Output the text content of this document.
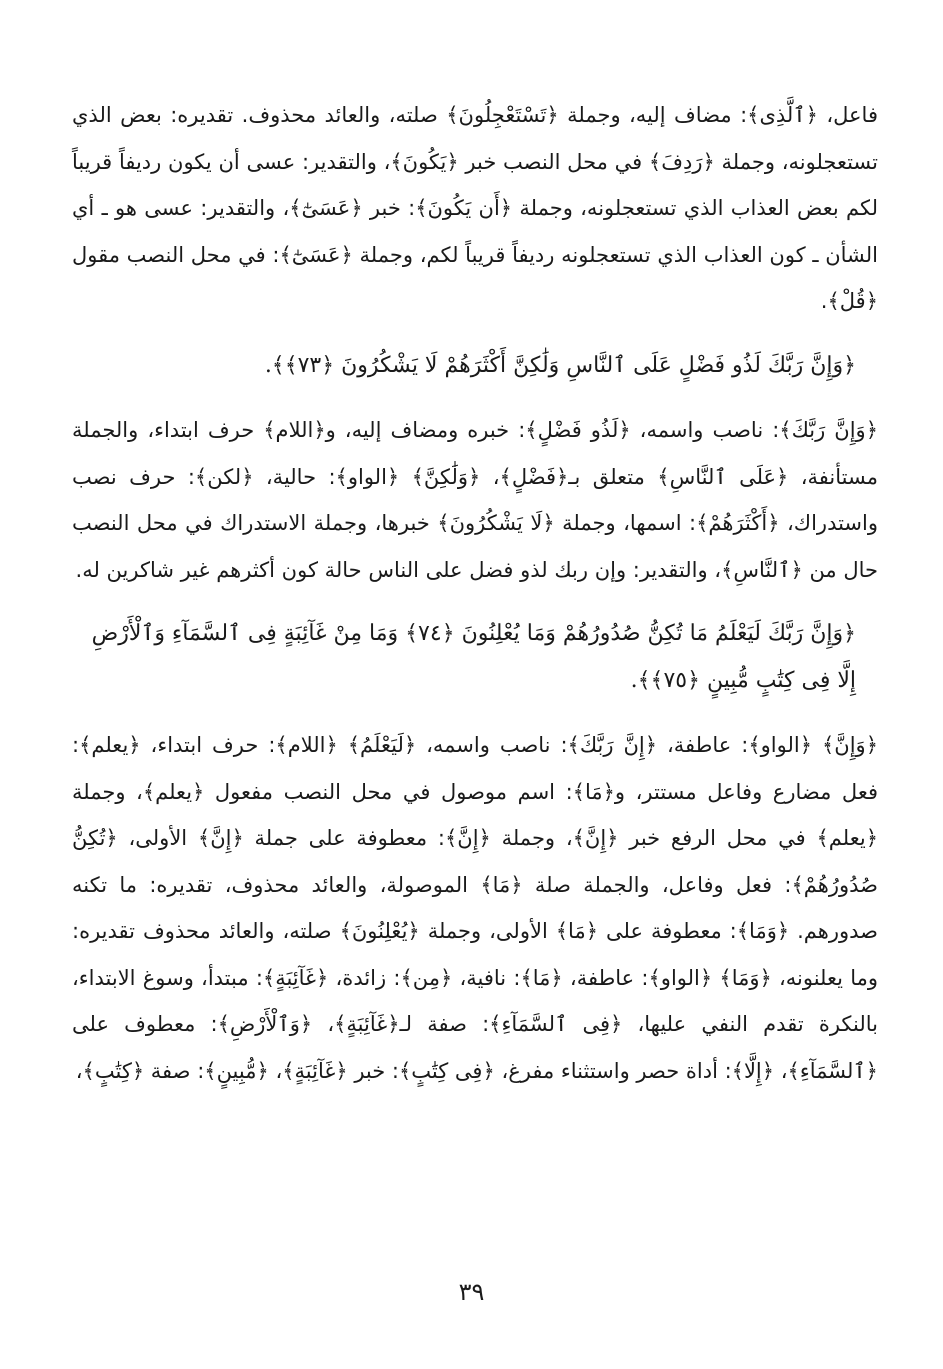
فاعل، ﴿ٱلَّذِى﴾: مضاف إليه، وجملة ﴿تَسْتَعْجِلُونَ﴾ صلته، والعائد محذوف. تقديره: بعض الذي تستعجلونه، وجملة ﴿رَدِفَ﴾ في محل النصب خبر ﴿يَكُونَ﴾، والتقدير: عسى أن يكون رديفاً قريباً لكم بعض العذاب الذي تستعجلونه، وجملة ﴿أَن يَكُونَ﴾: خبر ﴿عَسَىٰٓ﴾، والتقدير: عسى هو ـ أي الشأن ـ كون العذاب الذي تستعجلونه رديفاً قريباً لكم، وجملة ﴿عَسَىٰٓ﴾: في محل النصب مقول ﴿قُلْ﴾.

﴿وَإِنَّ رَبَّكَ لَذُو فَضْلٍ عَلَى ٱلنَّاسِ وَلَٰكِنَّ أَكْثَرَهُمْ لَا يَشْكُرُونَ ﴿٧٣﴾﴾.

﴿وَإِنَّ رَبَّكَ﴾: ناصب واسمه، ﴿لَذُو فَضْلٍ﴾: خبره ومضاف إليه، و﴿اللام﴾ حرف ابتداء، والجملة مستأنفة، ﴿عَلَى ٱلنَّاسِ﴾ متعلق بـ﴿فَضْلٍ﴾، ﴿وَلَٰكِنَّ﴾ ﴿الواو﴾: حالية، ﴿لكن﴾: حرف نصب واستدراك، ﴿أَكْثَرَهُمْ﴾: اسمها، وجملة ﴿لَا يَشْكُرُونَ﴾ خبرها، وجملة الاستدراك في محل النصب حال من ﴿ٱلنَّاسِ﴾، والتقدير: وإن ربك لذو فضل على الناس حالة كون أكثرهم غير شاكرين له.

﴿وَإِنَّ رَبَّكَ لَيَعْلَمُ مَا تُكِنُّ صُدُورُهُمْ وَمَا يُعْلِنُونَ ﴿٧٤﴾ وَمَا مِنْ غَآئِبَةٍ فِى ٱلسَّمَآءِ وَٱلْأَرْضِ إِلَّا فِى كِتَٰبٍ مُّبِينٍ ﴿٧٥﴾﴾.

﴿وَإِنَّ﴾ ﴿الواو﴾: عاطفة، ﴿إِنَّ رَبَّكَ﴾: ناصب واسمه، ﴿لَيَعْلَمُ﴾ ﴿اللام﴾: حرف ابتداء، ﴿يعلم﴾: فعل مضارع وفاعل مستتر، و﴿مَا﴾: اسم موصول في محل النصب مفعول ﴿يعلم﴾، وجملة ﴿يعلم﴾ في محل الرفع خبر ﴿إِنَّ﴾، وجملة ﴿إِنَّ﴾: معطوفة على جملة ﴿إِنَّ﴾ الأولى، ﴿تُكِنُّ صُدُورُهُمْ﴾: فعل وفاعل، والجملة صلة ﴿مَا﴾ الموصولة، والعائد محذوف، تقديره: ما تكنه صدورهم. ﴿وَمَا﴾: معطوفة على ﴿مَا﴾ الأولى، وجملة ﴿يُعْلِنُونَ﴾ صلته، والعائد محذوف تقديره: وما يعلنونه، ﴿وَمَا﴾ ﴿الواو﴾: عاطفة، ﴿مَا﴾: نافية، ﴿مِن﴾: زائدة، ﴿غَآئِبَةٍ﴾: مبتدأ، وسوغ الابتداء، بالنكرة تقدم النفي عليها، ﴿فِى ٱلسَّمَآءِ﴾: صفة لـ﴿غَآئِبَةٍ﴾، ﴿وَٱلْأَرْضِ﴾: معطوف على ﴿ٱلسَّمَآءِ﴾، ﴿إِلَّا﴾: أداة حصر واستثناء مفرغ، ﴿فِى كِتَٰبٍ﴾: خبر ﴿غَآئِبَةٍ﴾، ﴿مُّبِينٍ﴾: صفة ﴿كِتَٰبٍ﴾،

٣٩
